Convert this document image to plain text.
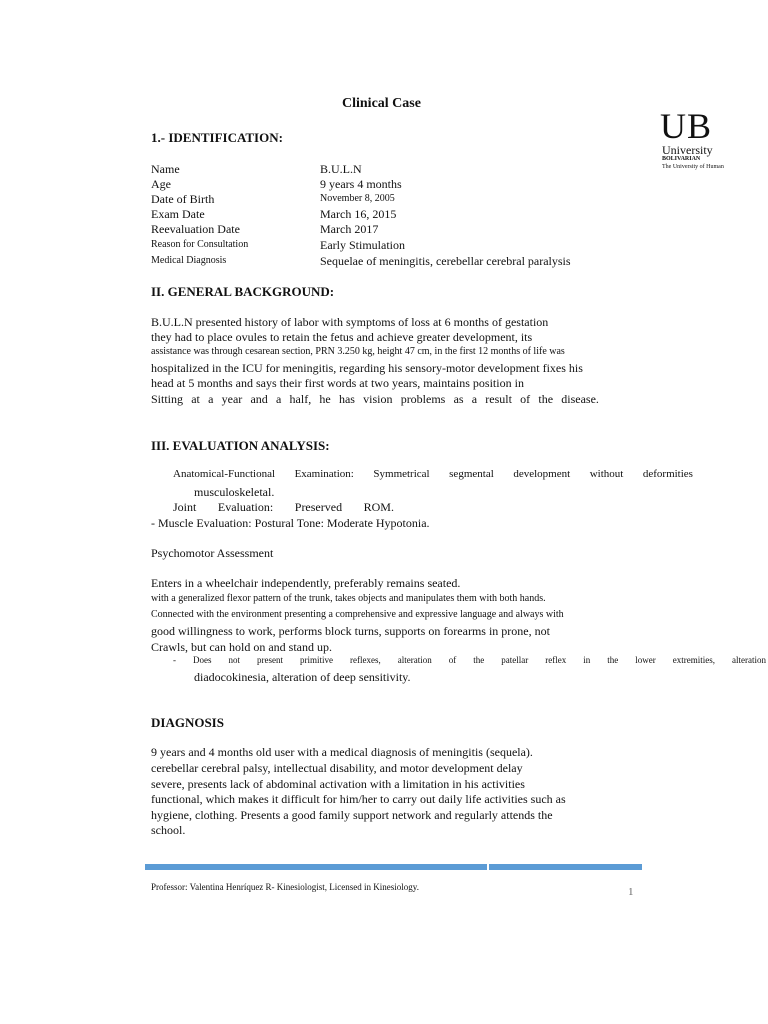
Clinical Case
UB
University
BOLIVARIAN
The University of Human
1.- IDENTIFICATION:
Name	B.U.L.N
Age	9 years 4 months
Date of Birth	November 8, 2005
Exam Date	March 16, 2015
Reevaluation Date	March 2017
Reason for Consultation	Early Stimulation
Medical Diagnosis	Sequelae of meningitis, cerebellar cerebral paralysis
II. GENERAL BACKGROUND:
B.U.L.N presented history of labor with symptoms of loss at 6 months of gestation
they had to place ovules to retain the fetus and achieve greater development, its
assistance was through cesarean section, PRN 3.250 kg, height 47 cm, in the first 12 months of life was
hospitalized in the ICU for meningitis, regarding his sensory-motor development fixes his
head at 5 months and says their first words at two years, maintains position in
Sitting at a year and a half, he has vision problems as a result of the disease.
III. EVALUATION ANALYSIS:
Anatomical-Functional Examination: Symmetrical segmental development without deformities
musculoskeletal.
Joint Evaluation: Preserved ROM.
- Muscle Evaluation: Postural Tone: Moderate Hypotonia.
Psychomotor Assessment
Enters in a wheelchair independently, preferably remains seated.
with a generalized flexor pattern of the trunk, takes objects and manipulates them with both hands.
Connected with the environment presenting a comprehensive and expressive language and always with
good willingness to work, performs block turns, supports on forearms in prone, not
Crawls, but can hold on and stand up.
- Does not present primitive reflexes, alteration of the patellar reflex in the lower extremities, alteration
diadocokinesia, alteration of deep sensitivity.
DIAGNOSIS
9 years and 4 months old user with a medical diagnosis of meningitis (sequela).
cerebellar cerebral palsy, intellectual disability, and motor development delay
severe, presents lack of abdominal activation with a limitation in his activities
functional, which makes it difficult for him/her to carry out daily life activities such as
hygiene, clothing. Presents a good family support network and regularly attends the
school.
Professor: Valentina Henríquez R- Kinesiologist, Licensed in Kinesiology.	1
